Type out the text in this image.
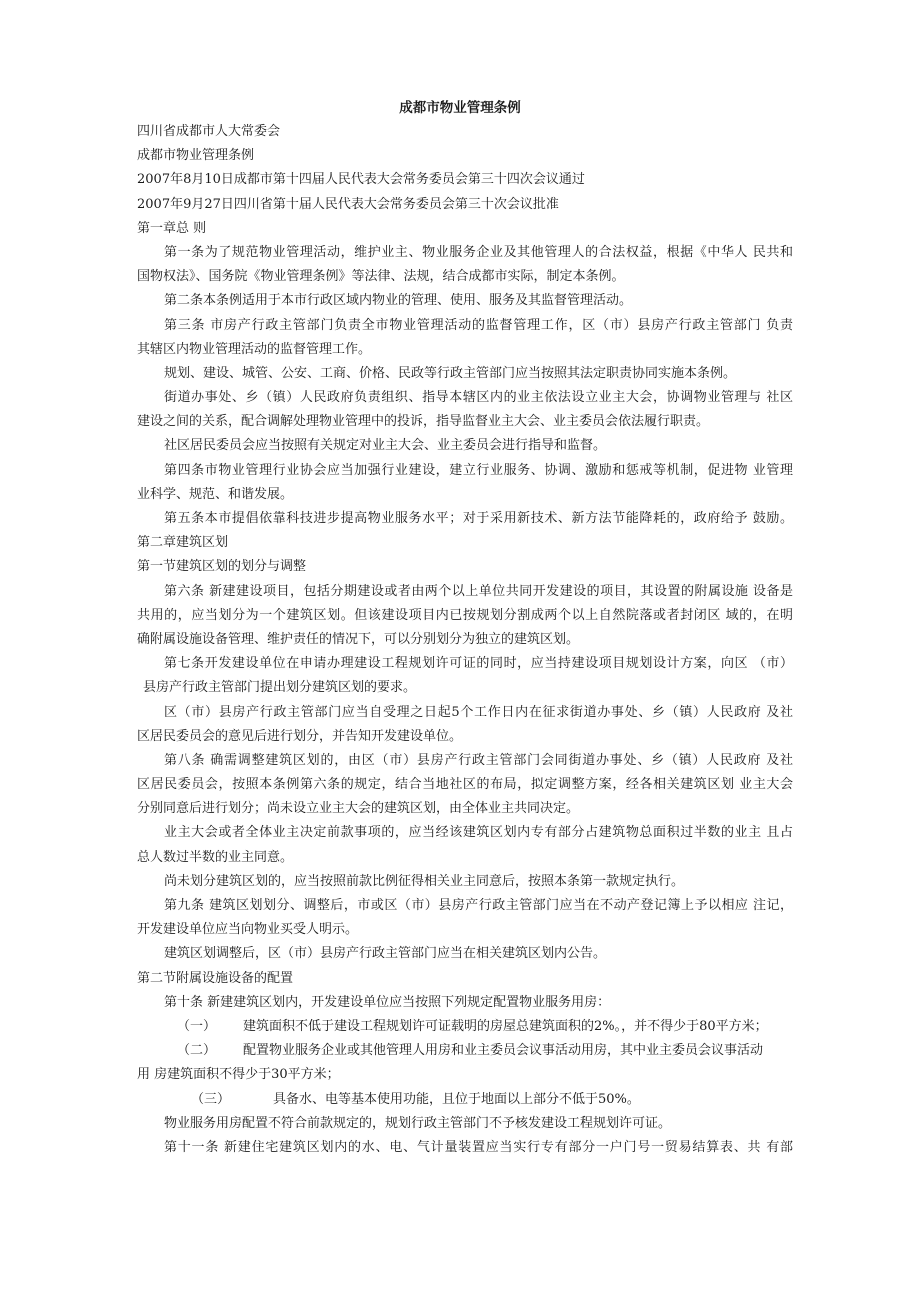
成都市物业管理条例
四川省成都市人大常委会
成都市物业管理条例
2007年8月10日成都市第十四届人民代表大会常务委员会第三十四次会议通过
2007年9月27日四川省第十届人民代表大会常务委员会第三十次会议批准
第一章总 则
第一条为了规范物业管理活动，维护业主、物业服务企业及其他管理人的合法权益，根据《中华人 民共和
国物权法》、国务院《物业管理条例》等法律、法规，结合成都市实际，制定本条例。
第二条本条例适用于本市行政区域内物业的管理、使用、服务及其监督管理活动。
第三条 市房产行政主管部门负责全市物业管理活动的监督管理工作，区（市）县房产行政主管部门 负责
其辖区内物业管理活动的监督管理工作。
规划、建设、城管、公安、工商、价格、民政等行政主管部门应当按照其法定职责协同实施本条例。
街道办事处、乡（镇）人民政府负责组织、指导本辖区内的业主依法设立业主大会，协调物业管理与 社区
建设之间的关系，配合调解处理物业管理中的投诉，指导监督业主大会、业主委员会依法履行职责。
社区居民委员会应当按照有关规定对业主大会、业主委员会进行指导和监督。
第四条市物业管理行业协会应当加强行业建设，建立行业服务、协调、激励和惩戒等机制，促进物 业管理
业科学、规范、和谐发展。
第五条本市提倡依靠科技进步提高物业服务水平；对于采用新技术、新方法节能降耗的，政府给予 鼓励。
第二章建筑区划
第一节建筑区划的划分与调整
第六条 新建建设项目，包括分期建设或者由两个以上单位共同开发建设的项目，其设置的附属设施 设备是
共用的，应当划分为一个建筑区划。但该建设项目内已按规划分割成两个以上自然院落或者封闭区 域的，在明
确附属设施设备管理、维护责任的情况下，可以分别划分为独立的建筑区划。
第七条开发建设单位在申请办理建设工程规划许可证的同时，应当持建设项目规划设计方案，向区 （市）
县房产行政主管部门提出划分建筑区划的要求。
区（市）县房产行政主管部门应当自受理之日起5个工作日内在征求街道办事处、乡（镇）人民政府 及社
区居民委员会的意见后进行划分，并告知开发建设单位。
第八条 确需调整建筑区划的，由区（市）县房产行政主管部门会同街道办事处、乡（镇）人民政府 及社
区居民委员会，按照本条例第六条的规定，结合当地社区的布局，拟定调整方案，经各相关建筑区划 业主大会
分别同意后进行划分；尚未设立业主大会的建筑区划，由全体业主共同决定。
业主大会或者全体业主决定前款事项的，应当经该建筑区划内专有部分占建筑物总面积过半数的业主 且占
总人数过半数的业主同意。
尚未划分建筑区划的，应当按照前款比例征得相关业主同意后，按照本条第一款规定执行。
第九条 建筑区划划分、调整后，市或区（市）县房产行政主管部门应当在不动产登记簿上予以相应 注记，
开发建设单位应当向物业买受人明示。
建筑区划调整后，区（市）县房产行政主管部门应当在相关建筑区划内公告。
第二节附属设施设备的配置
第十条 新建建筑区划内，开发建设单位应当按照下列规定配置物业服务用房：
（一） 建筑面积不低于建设工程规划许可证载明的房屋总建筑面积的2%。，并不得少于80平方米；
（二） 配置物业服务企业或其他管理人用房和业主委员会议事活动用房，其中业主委员会议事活动
用 房建筑面积不得少于30平方米；
（三）	具备水、电等基本使用功能，且位于地面以上部分不低于50%。
物业服务用房配置不符合前款规定的，规划行政主管部门不予核发建设工程规划许可证。
第十一条 新建住宅建筑区划内的水、电、气计量装置应当实行专有部分一户门号一贸易结算表、共 有部
